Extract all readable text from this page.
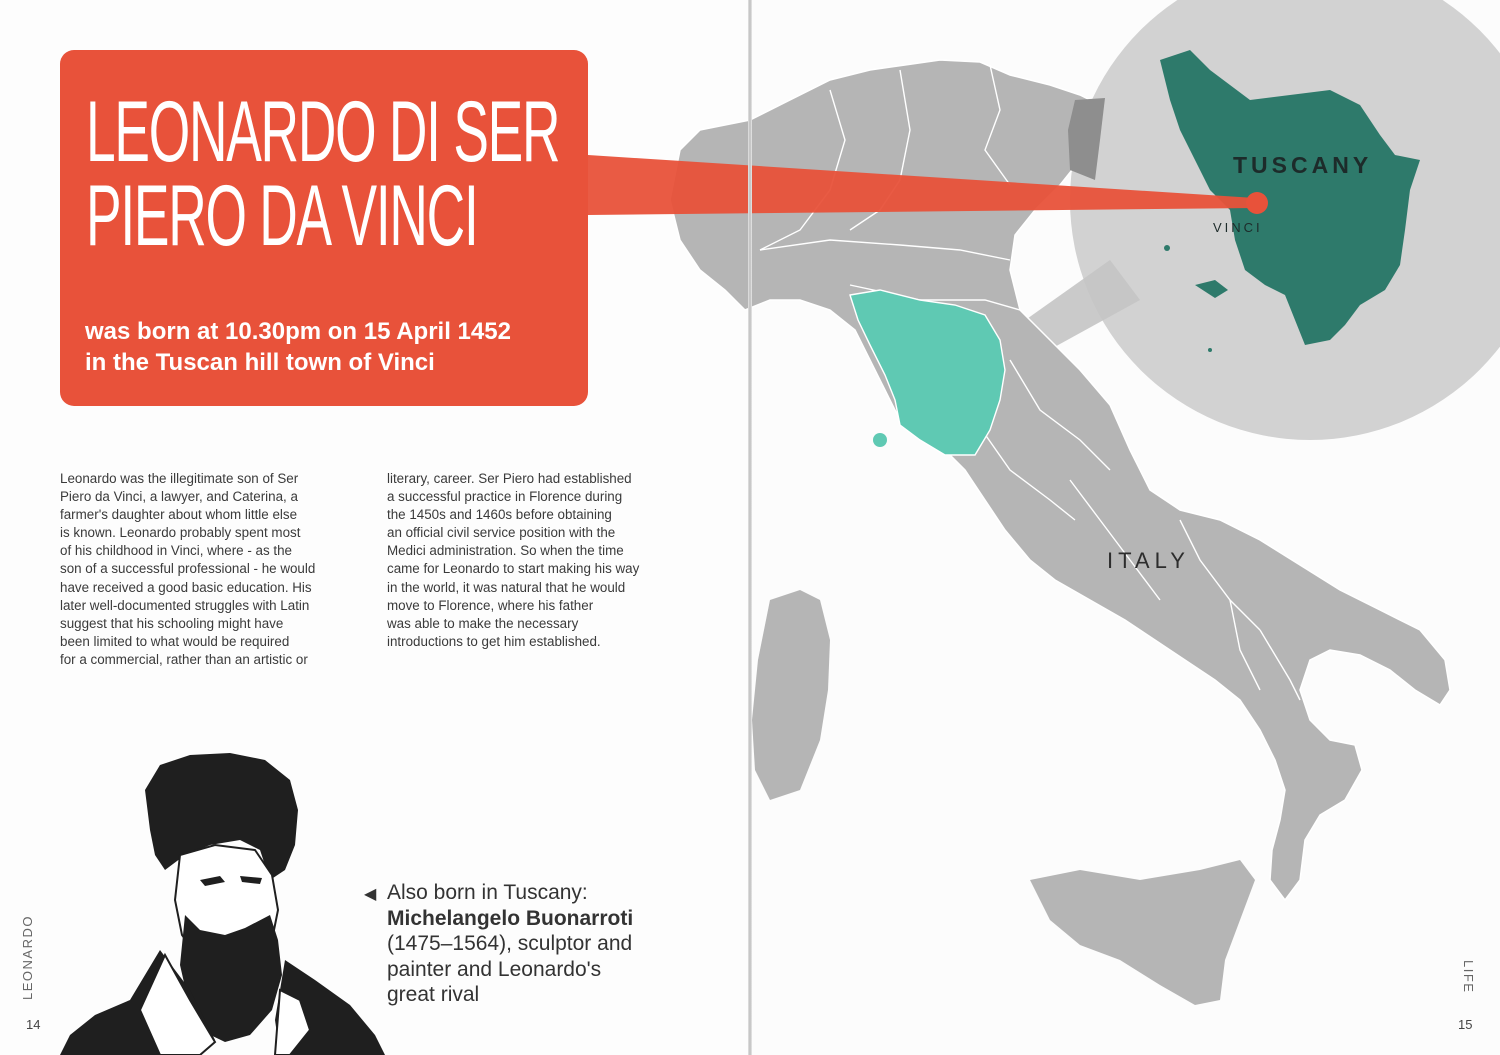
LEONARDO DI SER
PIERO DA VINCI
was born at 10.30pm on 15 April 1452
in the Tuscan hill town of Vinci
Leonardo was the illegitimate son of Ser
Piero da Vinci, a lawyer, and Caterina, a
farmer's daughter about whom little else
is known. Leonardo probably spent most
of his childhood in Vinci, where - as the
son of a successful professional - he would
have received a good basic education. His
later well-documented struggles with Latin
suggest that his schooling might have
been limited to what would be required
for a commercial, rather than an artistic or
literary, career. Ser Piero had established
a successful practice in Florence during
the 1450s and 1460s before obtaining
an official civil service position with the
Medici administration. So when the time
came for Leonardo to start making his way
in the world, it was natural that he would
move to Florence, where his father
was able to make the necessary
introductions to get him established.
◀ Also born in Tuscany:
Michelangelo Buonarroti
(1475–1564), sculptor and
painter and Leonardo's
great rival
TUSCANY
VINCI
ITALY
LEONARDO	LIFE
14	15
